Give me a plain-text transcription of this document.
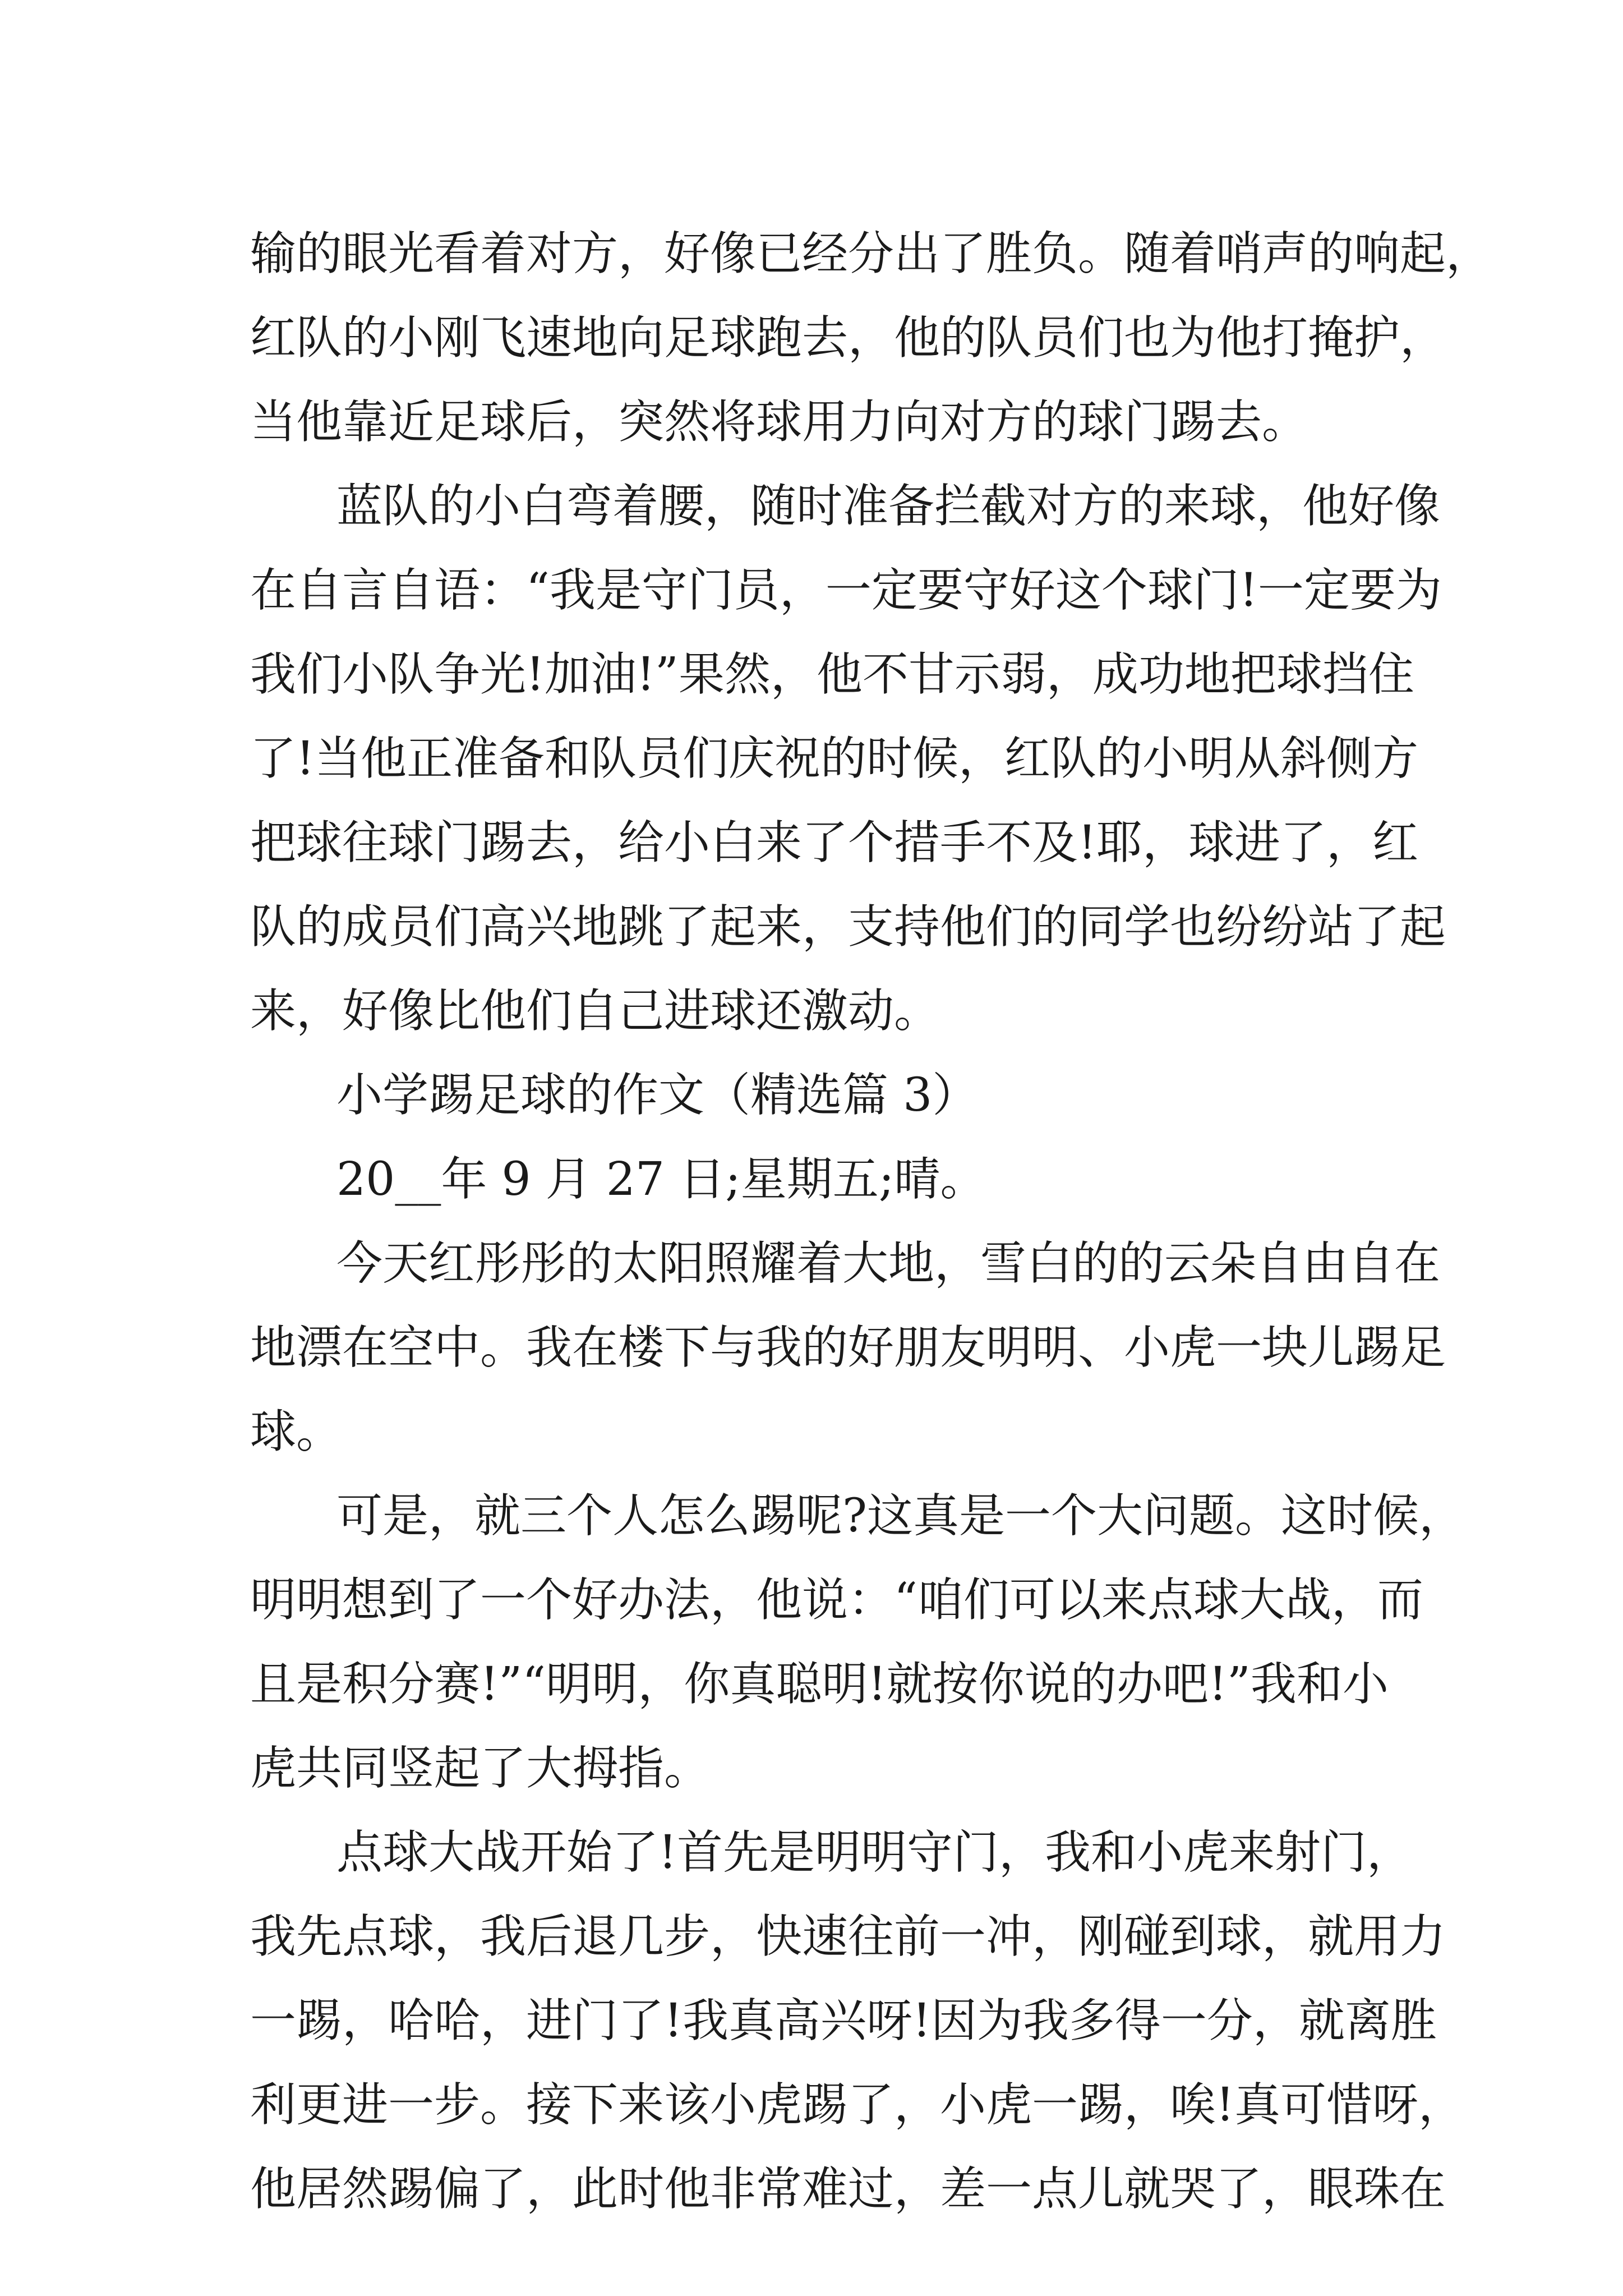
输的眼光看着对方，好像已经分出了胜负。随着哨声的响起，
红队的小刚飞速地向足球跑去，他的队员们也为他打掩护，
当他靠近足球后，突然将球用力向对方的球门踢去。
蓝队的小白弯着腰，随时准备拦截对方的来球，他好像
在自言自语：“我是守门员，一定要守好这个球门!一定要为
我们小队争光!加油!”果然，他不甘示弱，成功地把球挡住
了!当他正准备和队员们庆祝的时候，红队的小明从斜侧方
把球往球门踢去，给小白来了个措手不及!耶，球进了，红
队的成员们高兴地跳了起来，支持他们的同学也纷纷站了起
来，好像比他们自己进球还激动。
小学踢足球的作文（精选篇 3）
20__年 9 月 27 日;星期五;晴。
今天红彤彤的太阳照耀着大地，雪白的的云朵自由自在
地漂在空中。我在楼下与我的好朋友明明、小虎一块儿踢足
球。
可是，就三个人怎么踢呢?这真是一个大问题。这时候，
明明想到了一个好办法，他说：“咱们可以来点球大战，而
且是积分赛!”“明明，你真聪明!就按你说的办吧!”我和小
虎共同竖起了大拇指。
点球大战开始了!首先是明明守门，我和小虎来射门，
我先点球，我后退几步，快速往前一冲，刚碰到球，就用力
一踢，哈哈，进门了!我真高兴呀!因为我多得一分，就离胜
利更进一步。接下来该小虎踢了，小虎一踢，唉!真可惜呀，
他居然踢偏了，此时他非常难过，差一点儿就哭了，眼珠在
